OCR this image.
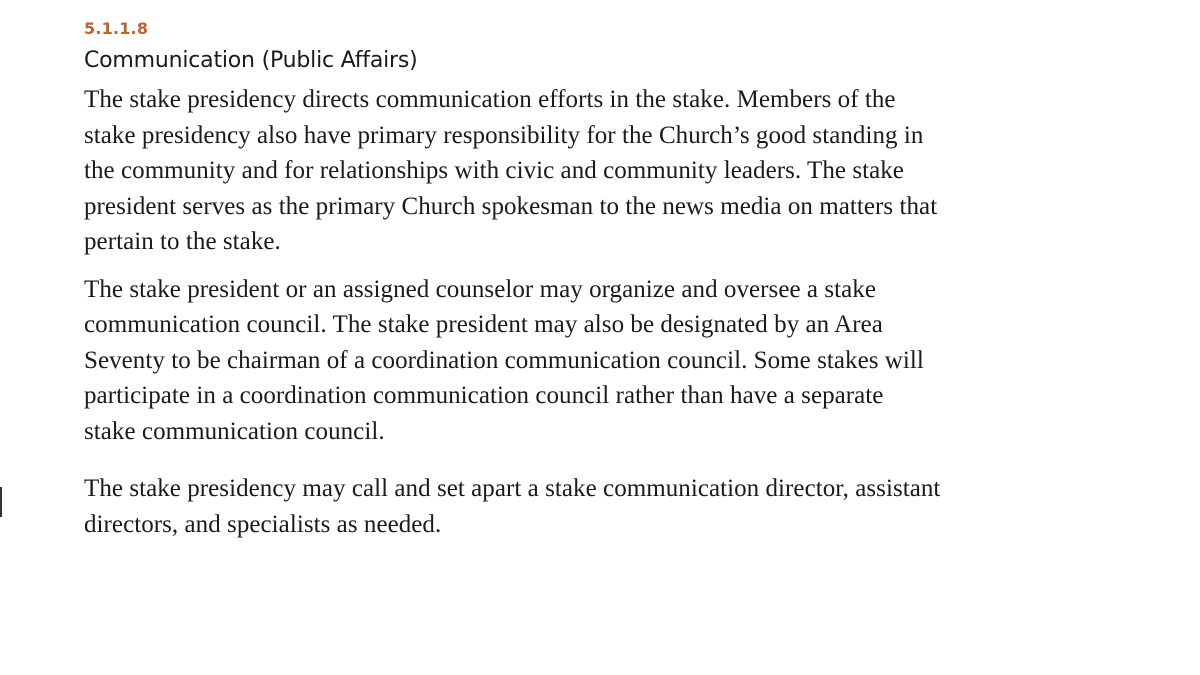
5.1.1.8
Communication (Public Affairs)

The stake presidency directs communication efforts in the stake. Members of the
stake presidency also have primary responsibility for the Church’s good standing in
the community and for relationships with civic and community leaders. The stake
president serves as the primary Church spokesman to the news media on matters that
pertain to the stake.

The stake president or an assigned counselor may organize and oversee a stake
communication council. The stake president may also be designated by an Area
Seventy to be chairman of a coordination communication council. Some stakes will
participate in a coordination communication council rather than have a separate
stake communication council.

The stake presidency may call and set apart a stake communication director, assistant
directors, and specialists as needed.
